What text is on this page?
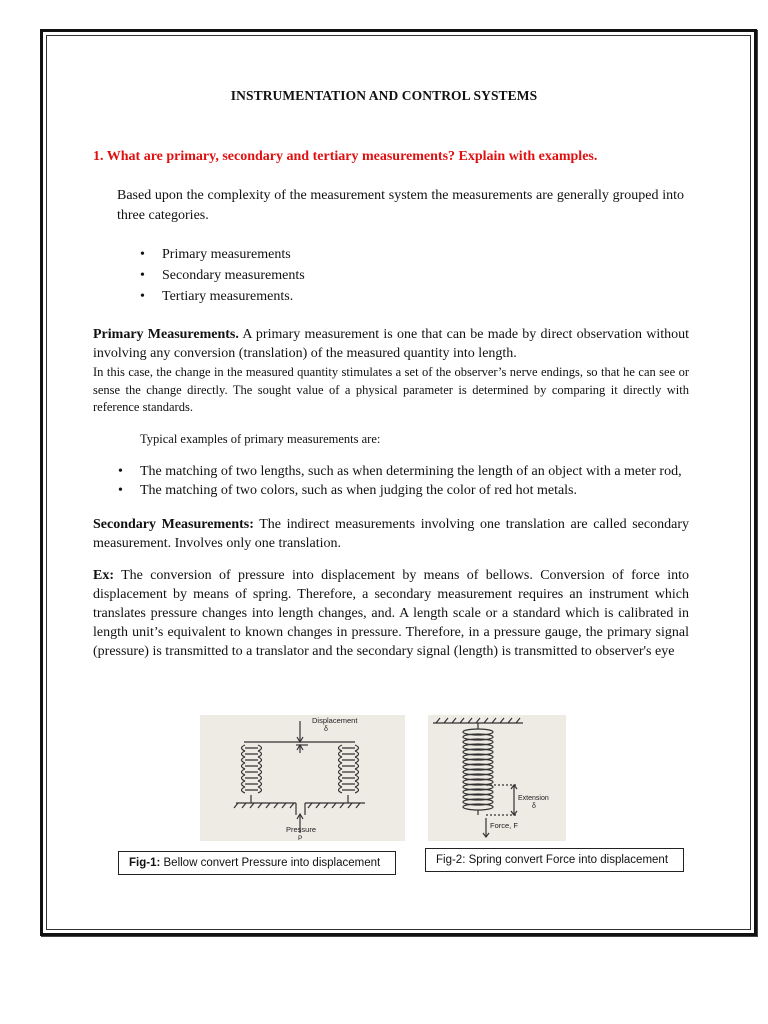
INSTRUMENTATION AND CONTROL SYSTEMS
1. What are primary, secondary and tertiary measurements? Explain with examples.
Based upon the complexity of the measurement system the measurements are generally grouped into three categories.
• Primary measurements
• Secondary measurements
• Tertiary measurements.
Primary Measurements. A primary measurement is one that can be made by direct observation without involving any conversion (translation) of the measured quantity into length.
In this case, the change in the measured quantity stimulates a set of the observer’s nerve endings, so that he can see or sense the change directly. The sought value of a physical parameter is determined by comparing it directly with reference standards.
Typical examples of primary measurements are:
• The matching of two lengths, such as when determining the length of an object with a meter rod,
• The matching of two colors, such as when judging the color of red hot metals.
Secondary Measurements: The indirect measurements involving one translation are called secondary measurement. Involves only one translation.
Ex: The conversion of pressure into displacement by means of bellows. Conversion of force into displacement by means of spring. Therefore, a secondary measurement requires an instrument which translates pressure changes into length changes, and. A length scale or a standard which is calibrated in length unit’s equivalent to known changes in pressure. Therefore, in a pressure gauge, the primary signal (pressure) is transmitted to a translator and the secondary signal (length) is transmitted to observer's eye
Displacement
δ
Pressure
P
Extension
δ
Force, F
Fig-1: Bellow convert Pressure into displacement	Fig-2: Spring convert Force into displacement
